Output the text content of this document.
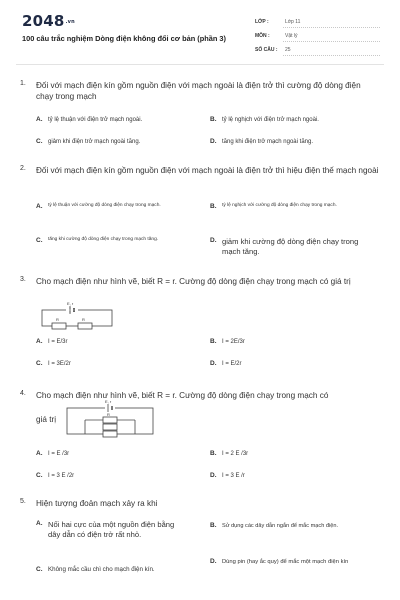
2048.vn
100 câu trắc nghiệm Dòng điện không đổi cơ bản (phần 3)
LỚP :	Lớp 11
MÔN :	Vật lý
SỐ CÂU : 25
1. Đối với mạch điện kín gồm nguồn điện với mạch ngoài là điện trở thì cường độ dòng điện chạy trong mạch
A. tỷ lệ thuận với điện trở mạch ngoài.	B. tỷ lệ nghịch với điện trở mạch ngoài.
C. giảm khi điện trở mạch ngoài tăng.	D. tăng khi điện trở mạch ngoài tăng.
2. Đối với mạch điện kín gồm nguồn điện với mạch ngoài là điện trở thì hiệu điện thế mạch ngoài
A. tỷ lệ thuận với cường độ dòng điện chạy trong mạch.	B. tỷ lệ nghịch với cường độ dòng điện chạy trong mạch.
C. tăng khi cường độ dòng điện chạy trong mạch tăng.	D. giảm khi cường độ dòng điện chạy trong mạch tăng.
3. Cho mạch điện như hình vẽ, biết R = r. Cường độ dòng điện chạy trong mạch có giá trị
E, r
R	R
A. I = E/3r	B. I = 2E/3r
C. I = 3E/2r	D. I = E/2r
4. Cho mạch điện như hình vẽ, biết R = r. Cường độ dòng điện chạy trong mạch có
giá trị
E, r
R
A. I = E /3r	B. I = 2 E /3r
C. I = 3 E /2r	D. I = 3 E /r
5. Hiện tượng đoản mạch xảy ra khi
A. Nối hai cực của một nguồn điện bằng dây dẫn có điện trở rất nhỏ.
B. Sử dụng các dây dẫn ngắn để mắc mạch điện.
C. Không mắc cầu chì cho mạch điện kín.
D. Dùng pin (hay ắc quy) để mắc một mạch điện kín
